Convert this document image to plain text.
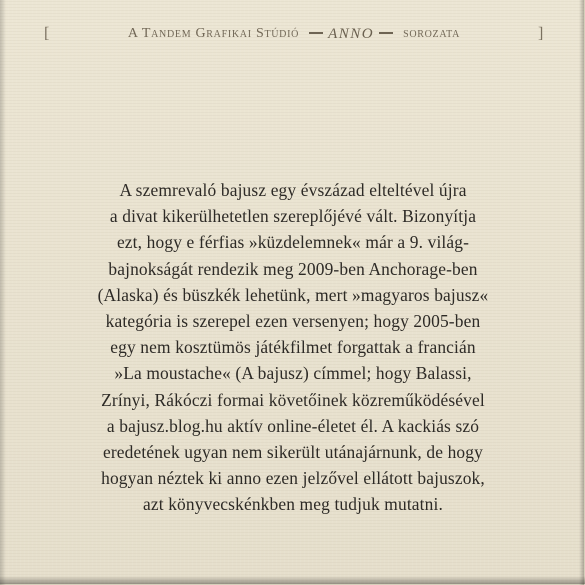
[	A Tandem Grafikai Stúdió ANNO sorozata	]
A szemrevaló bajusz egy évszázad elteltével újra
a divat kikerülhetetlen szereplőjévé vált. Bizonyítja
ezt, hogy e férfias »küzdelemnek« már a 9. világ-
bajnokságát rendezik meg 2009-ben Anchorage-ben
(Alaska) és büszkék lehetünk, mert »magyaros bajusz«
kategória is szerepel ezen versenyen; hogy 2005-ben
egy nem kosztümös játékfilmet forgattak a francián
»La moustache« (A bajusz) címmel; hogy Balassi,
Zrínyi, Rákóczi formai követőinek közreműködésével
a bajusz.blog.hu aktív online-életet él. A kackiás szó
eredetének ugyan nem sikerült utánajárnunk, de hogy
hogyan néztek ki anno ezen jelzővel ellátott bajuszok,
azt könyvecskénkben meg tudjuk mutatni.
